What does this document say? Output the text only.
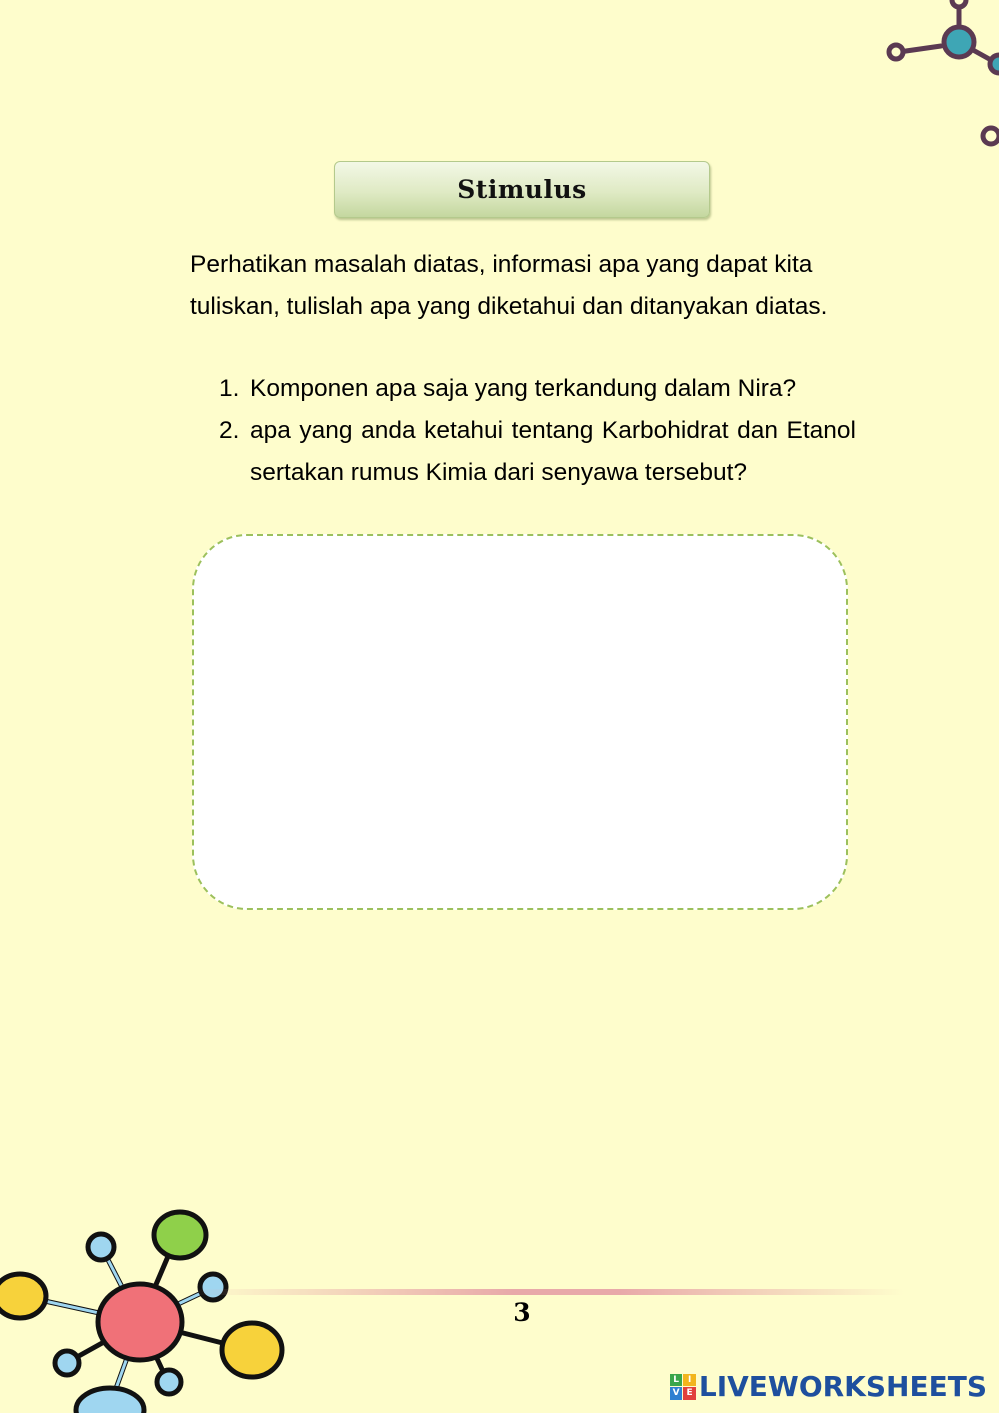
Stimulus

Perhatikan masalah diatas, informasi apa yang dapat kita tuliskan, tulislah apa yang diketahui dan ditanyakan diatas.

1. Komponen apa saja yang terkandung dalam Nira?
2. apa yang anda ketahui tentang Karbohidrat dan Etanol sertakan rumus Kimia dari senyawa tersebut?
3
L I
V E LIVEWORKSHEETS
